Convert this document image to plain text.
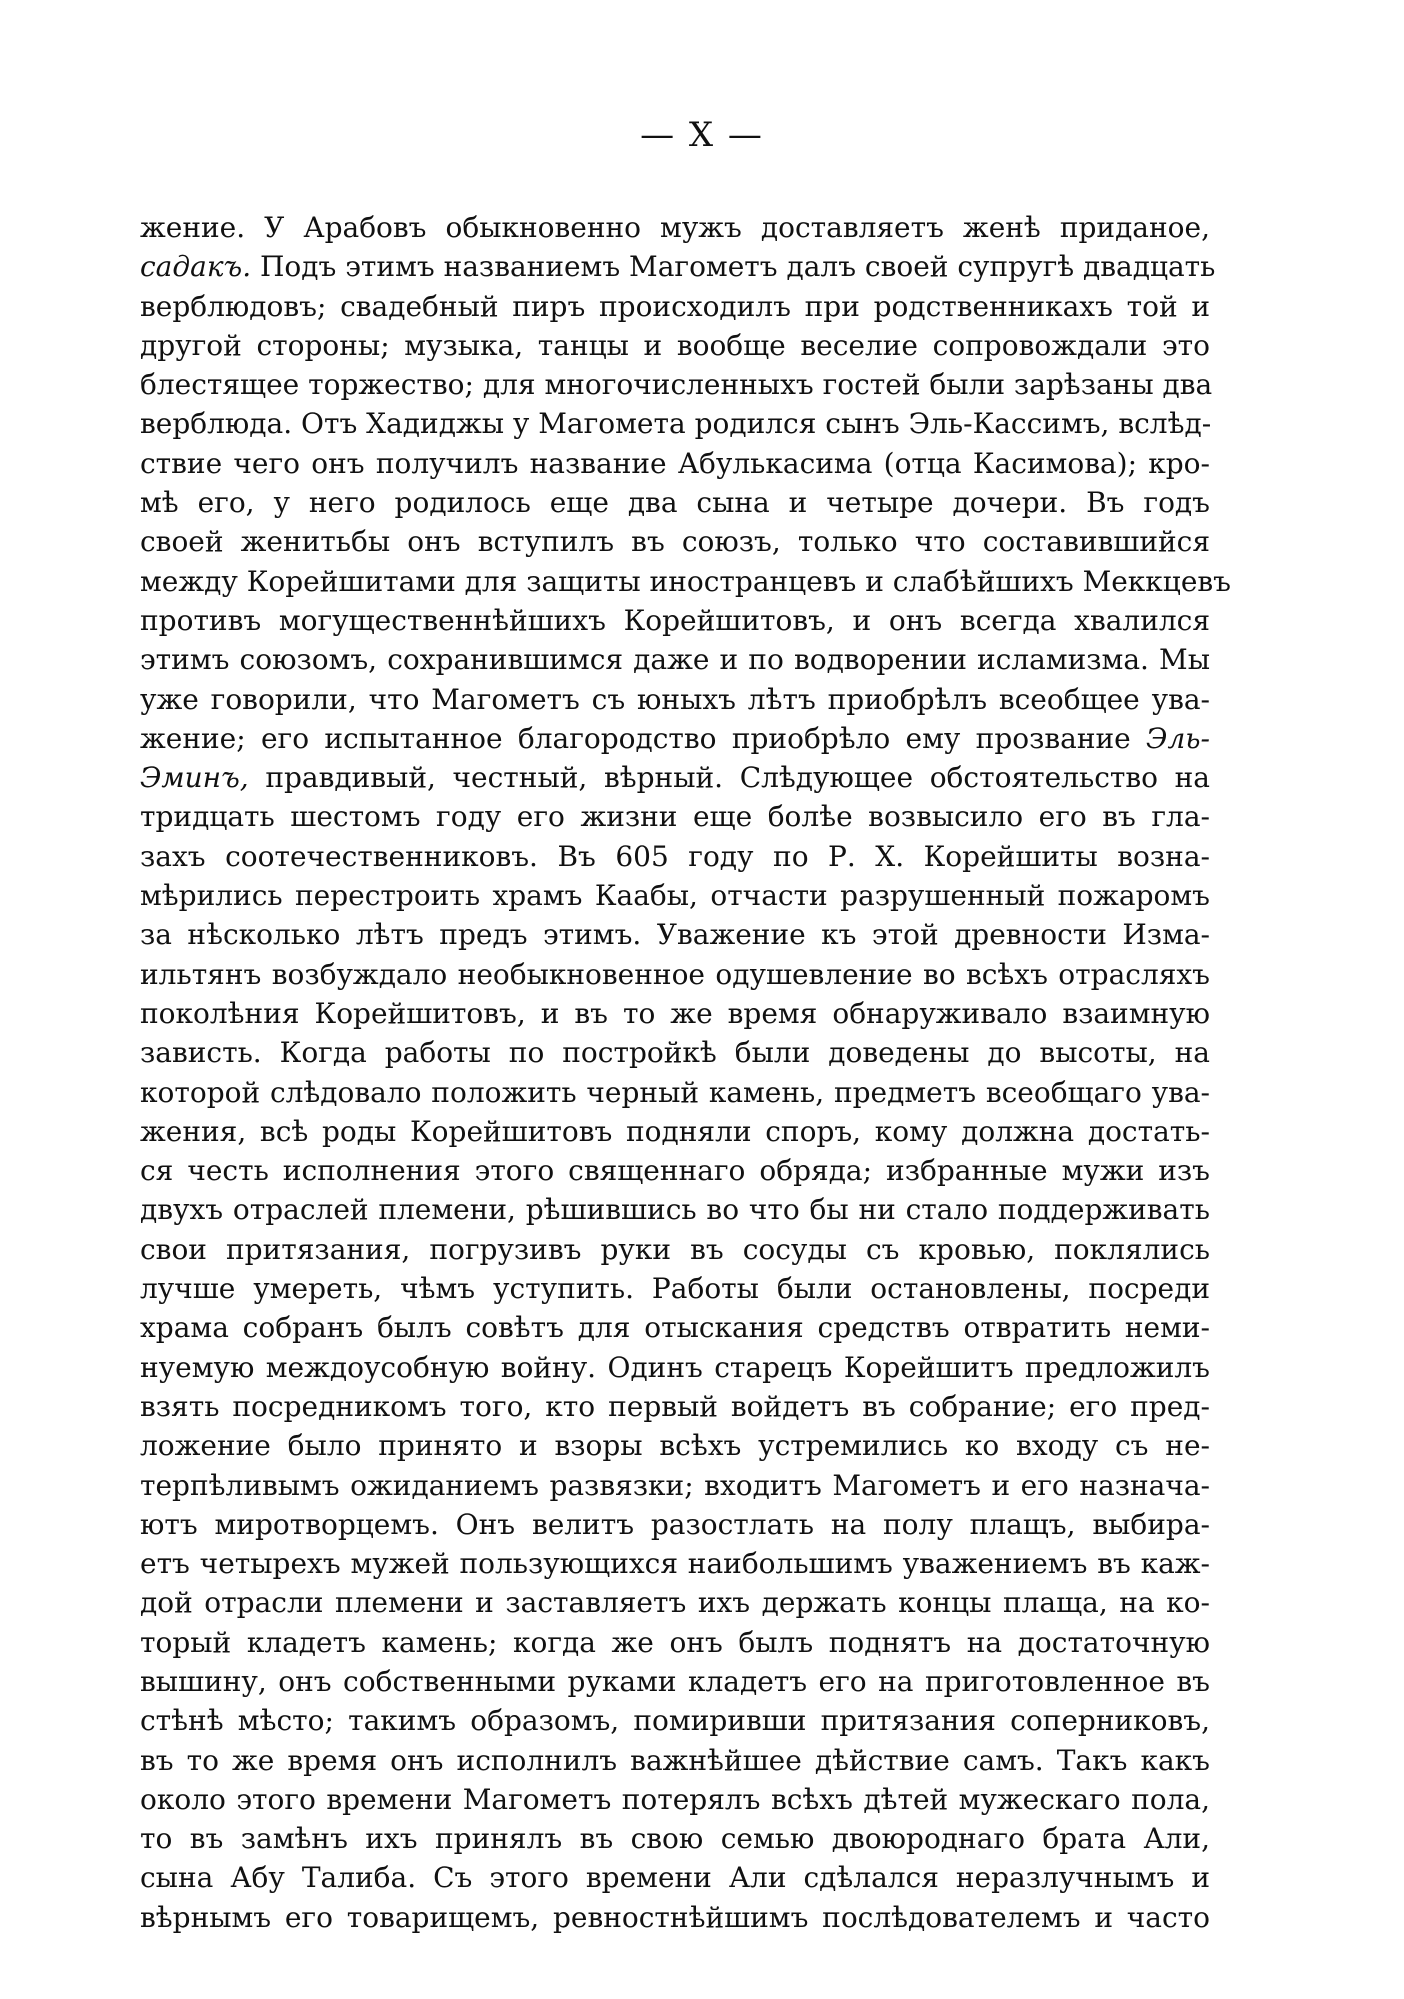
— X —
жениe. У Арабовъ обыкновенно мужъ доставляетъ женѣ приданое,
садакъ. Подъ этимъ названиемъ Магометъ далъ своей супругѣ двадцать
верблюдовъ; свадебный пиръ происходилъ при родственникахъ той и
другой стороны; музыка, танцы и вообще веселие сопровождали это
блестящее торжество; для многочисленныхъ гостей были зарѣзаны два
верблюда. Отъ Хадиджы у Магомета родился сынъ Эль-Кассимъ, вслѣд-
ствие чего онъ получилъ название Абулькасима (отца Касимова); кро-
мѣ его, у него родилось еще два сына и четыре дочери. Въ годъ
своей женитьбы онъ вступилъ въ союзъ, только что составившийся
между Корейшитами для защиты иностранцевъ и слабѣйшихъ Меккцевъ
противъ могущественнѣйшихъ Корейшитовъ, и онъ всегда хвалился
этимъ союзомъ, сохранившимся даже и по водворении исламизма. Мы
уже говорили, что Магометъ съ юныхъ лѣтъ приобрѣлъ всеобщее ува-
жение; его испытанное благородство приобрѣло ему прозвание Эль-
Эминъ, правдивый, честный, вѣрный. Слѣдующее обстоятельство на
тридцать шестомъ году его жизни еще болѣе возвысило его въ гла-
захъ соотечественниковъ. Въ 605 году по Р. Х. Корейшиты вознa-
мѣрились перестроить храмъ Каабы, отчасти разрушенный пожаромъ
за нѣсколько лѣтъ предъ этимъ. Уважение къ этой древности Измa-
ильтянъ возбуждало необыкновенное одушевление во всѣхъ отрасляхъ
поколѣния Корейшитовъ, и въ то же время обнаруживало взаимную
зависть. Когда работы по постройкѣ были доведены до высоты, на
которой слѣдовало положить черный камень, предметъ всеобщаго ува-
жения, всѣ роды Корейшитовъ подняли споръ, кому должна достать-
ся честь исполнения этого священнаго обряда; избранные мужи изъ
двухъ отраслей племени, рѣшившись во что бы ни стало поддерживать
свои притязания, погрузивъ руки въ сосуды съ кровью, поклялись
лучше умереть, чѣмъ уступить. Работы были остановлены, посреди
храма собранъ былъ совѣтъ для отыскания средствъ отвратить неми-
нуемую междоусобную войну. Одинъ старецъ Корейшитъ предложилъ
взять посредникомъ того, кто первый войдетъ въ собрание; его пред-
ложение было принято и взоры всѣхъ устремились ко входу съ не-
терпѣливымъ ожиданиемъ развязки; входитъ Магометъ и его назнача-
ютъ миротворцемъ. Онъ велитъ разостлать на полу плащъ, выбира-
етъ четырехъ мужей пользующихся наибольшимъ уважениемъ въ каж-
дой отрасли племени и заставляетъ ихъ держать концы плаща, на ко-
торый кладетъ камень; когда же онъ былъ поднятъ на достаточную
вышину, онъ собственными руками кладетъ его на приготовленное въ
стѣнѣ мѣсто; такимъ образомъ, помиривши притязания соперниковъ,
въ то же время онъ исполнилъ важнѣйшее дѣйствие самъ. Такъ какъ
около этого времени Магометъ потерялъ всѣхъ дѣтей мужескаго пола,
то въ замѣнъ ихъ принялъ въ свою семью двоюроднаго брата Али,
сына Абу Талиба. Съ этого времени Али сдѣлался неразлучнымъ и
вѣрнымъ его товарищемъ, ревностнѣйшимъ послѣдователемъ и часто
